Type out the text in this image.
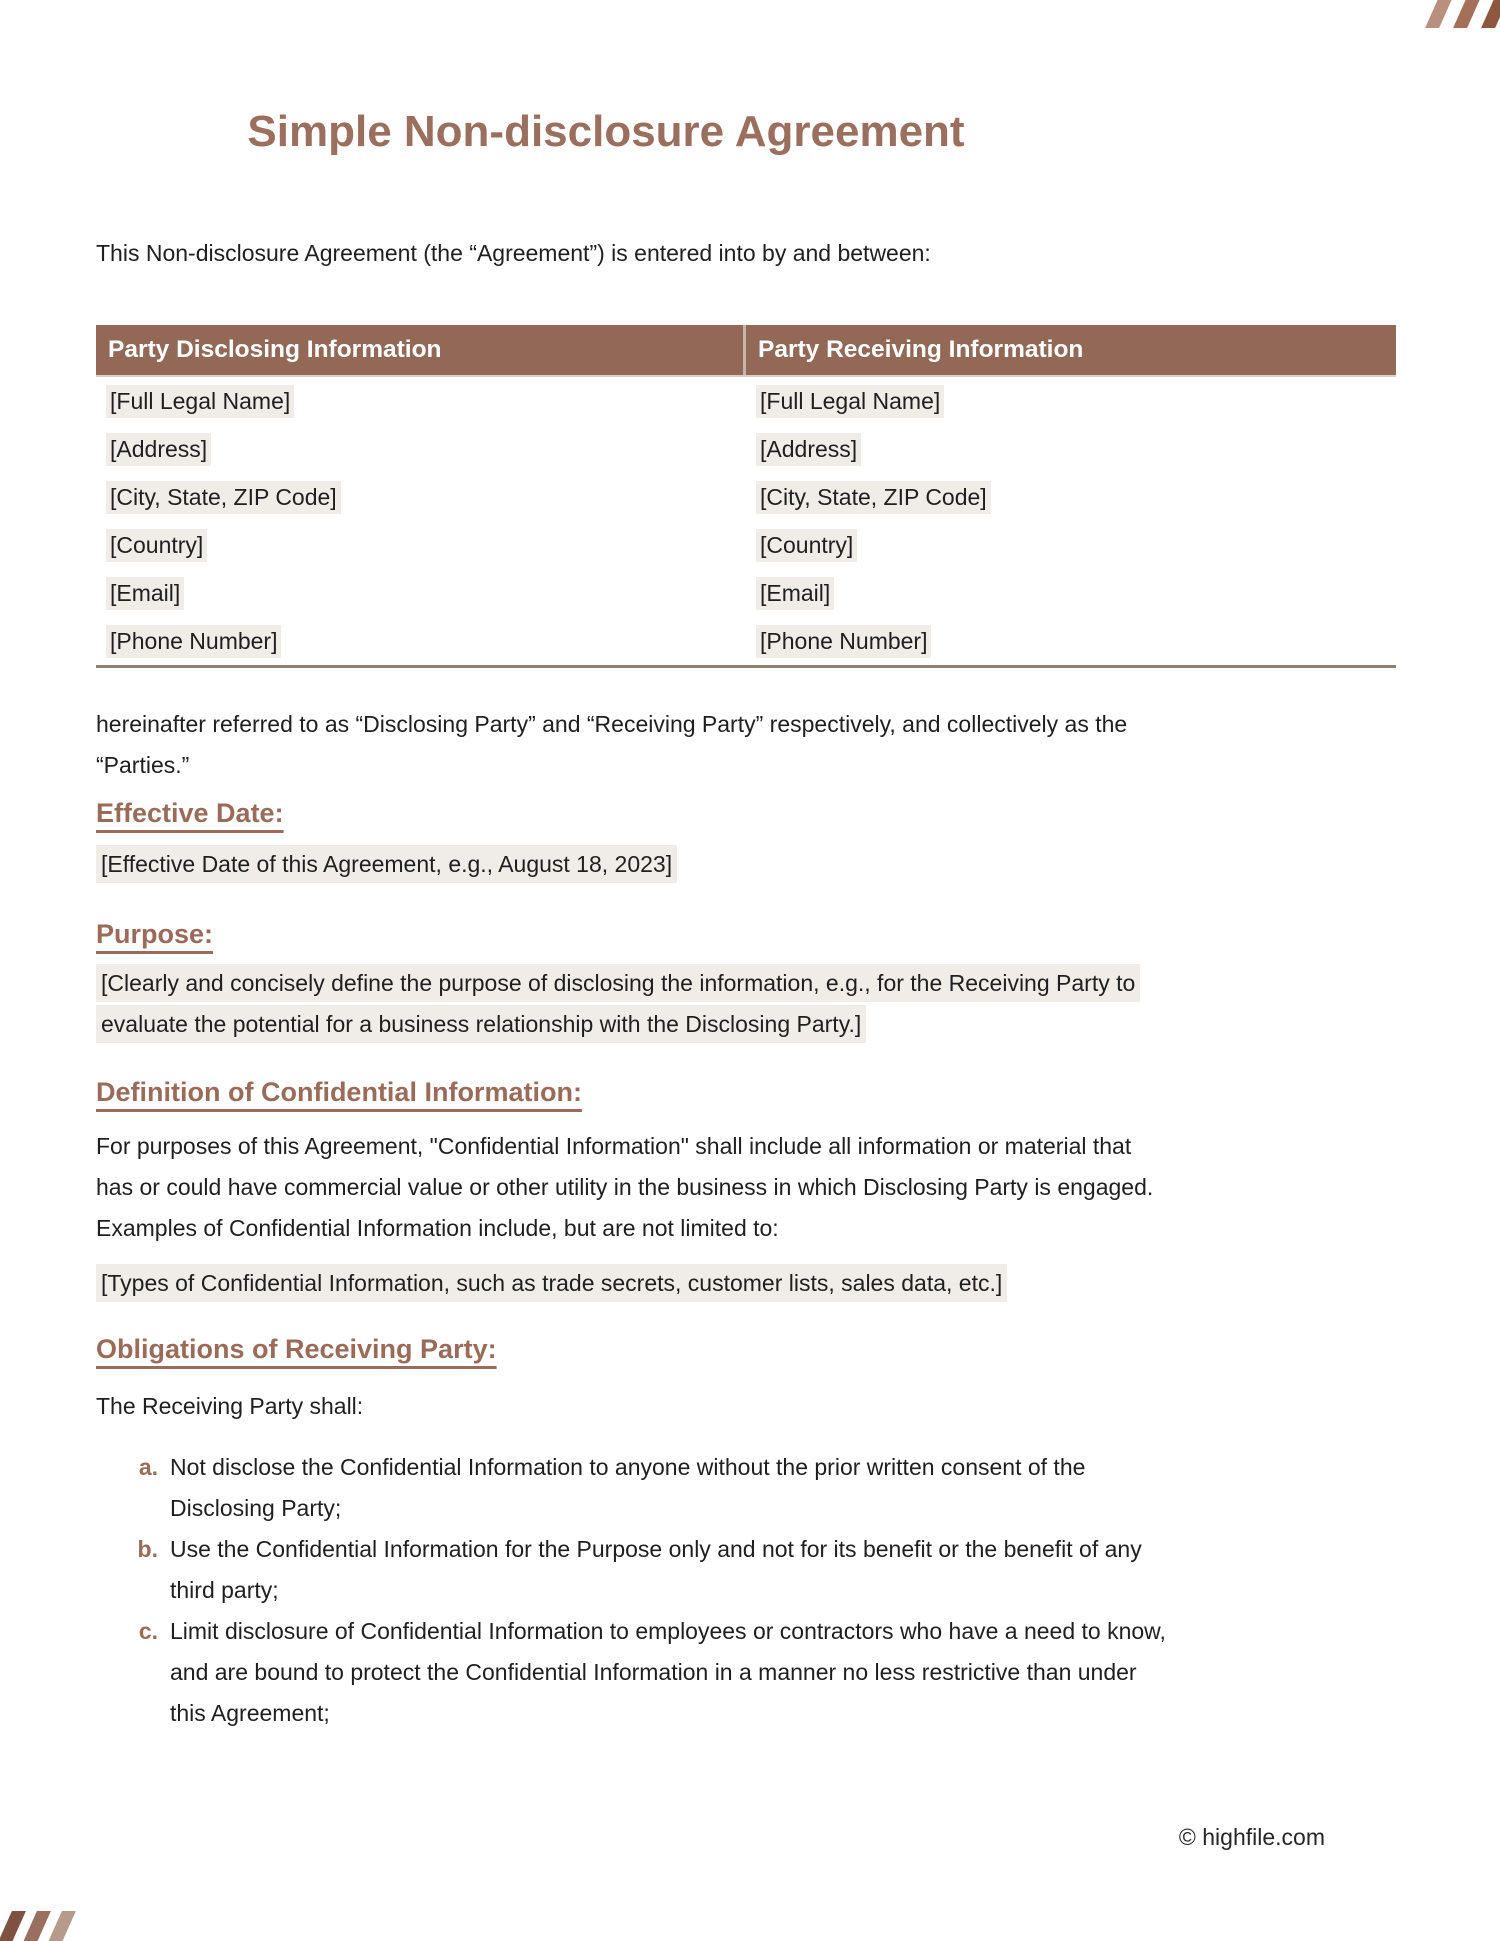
Simple Non-disclosure Agreement

This Non-disclosure Agreement (the “Agreement”) is entered into by and between:

Party Disclosing Information	Party Receiving Information
[Full Legal Name]	[Full Legal Name]
[Address]	[Address]
[City, State, ZIP Code]	[City, State, ZIP Code]
[Country]	[Country]
[Email]	[Email]
[Phone Number]	[Phone Number]

hereinafter referred to as “Disclosing Party” and “Receiving Party” respectively, and collectively as the “Parties.”

Effective Date:

[Effective Date of this Agreement, e.g., August 18, 2023]

Purpose:

[Clearly and concisely define the purpose of disclosing the information, e.g., for the Receiving Party to evaluate the potential for a business relationship with the Disclosing Party.]

Definition of Confidential Information:

For purposes of this Agreement, "Confidential Information" shall include all information or material that has or could have commercial value or other utility in the business in which Disclosing Party is engaged. Examples of Confidential Information include, but are not limited to:

[Types of Confidential Information, such as trade secrets, customer lists, sales data, etc.]

Obligations of Receiving Party:

The Receiving Party shall:

a. Not disclose the Confidential Information to anyone without the prior written consent of the Disclosing Party;
b. Use the Confidential Information for the Purpose only and not for its benefit or the benefit of any third party;
c. Limit disclosure of Confidential Information to employees or contractors who have a need to know, and are bound to protect the Confidential Information in a manner no less restrictive than under this Agreement;
© highfile.com
